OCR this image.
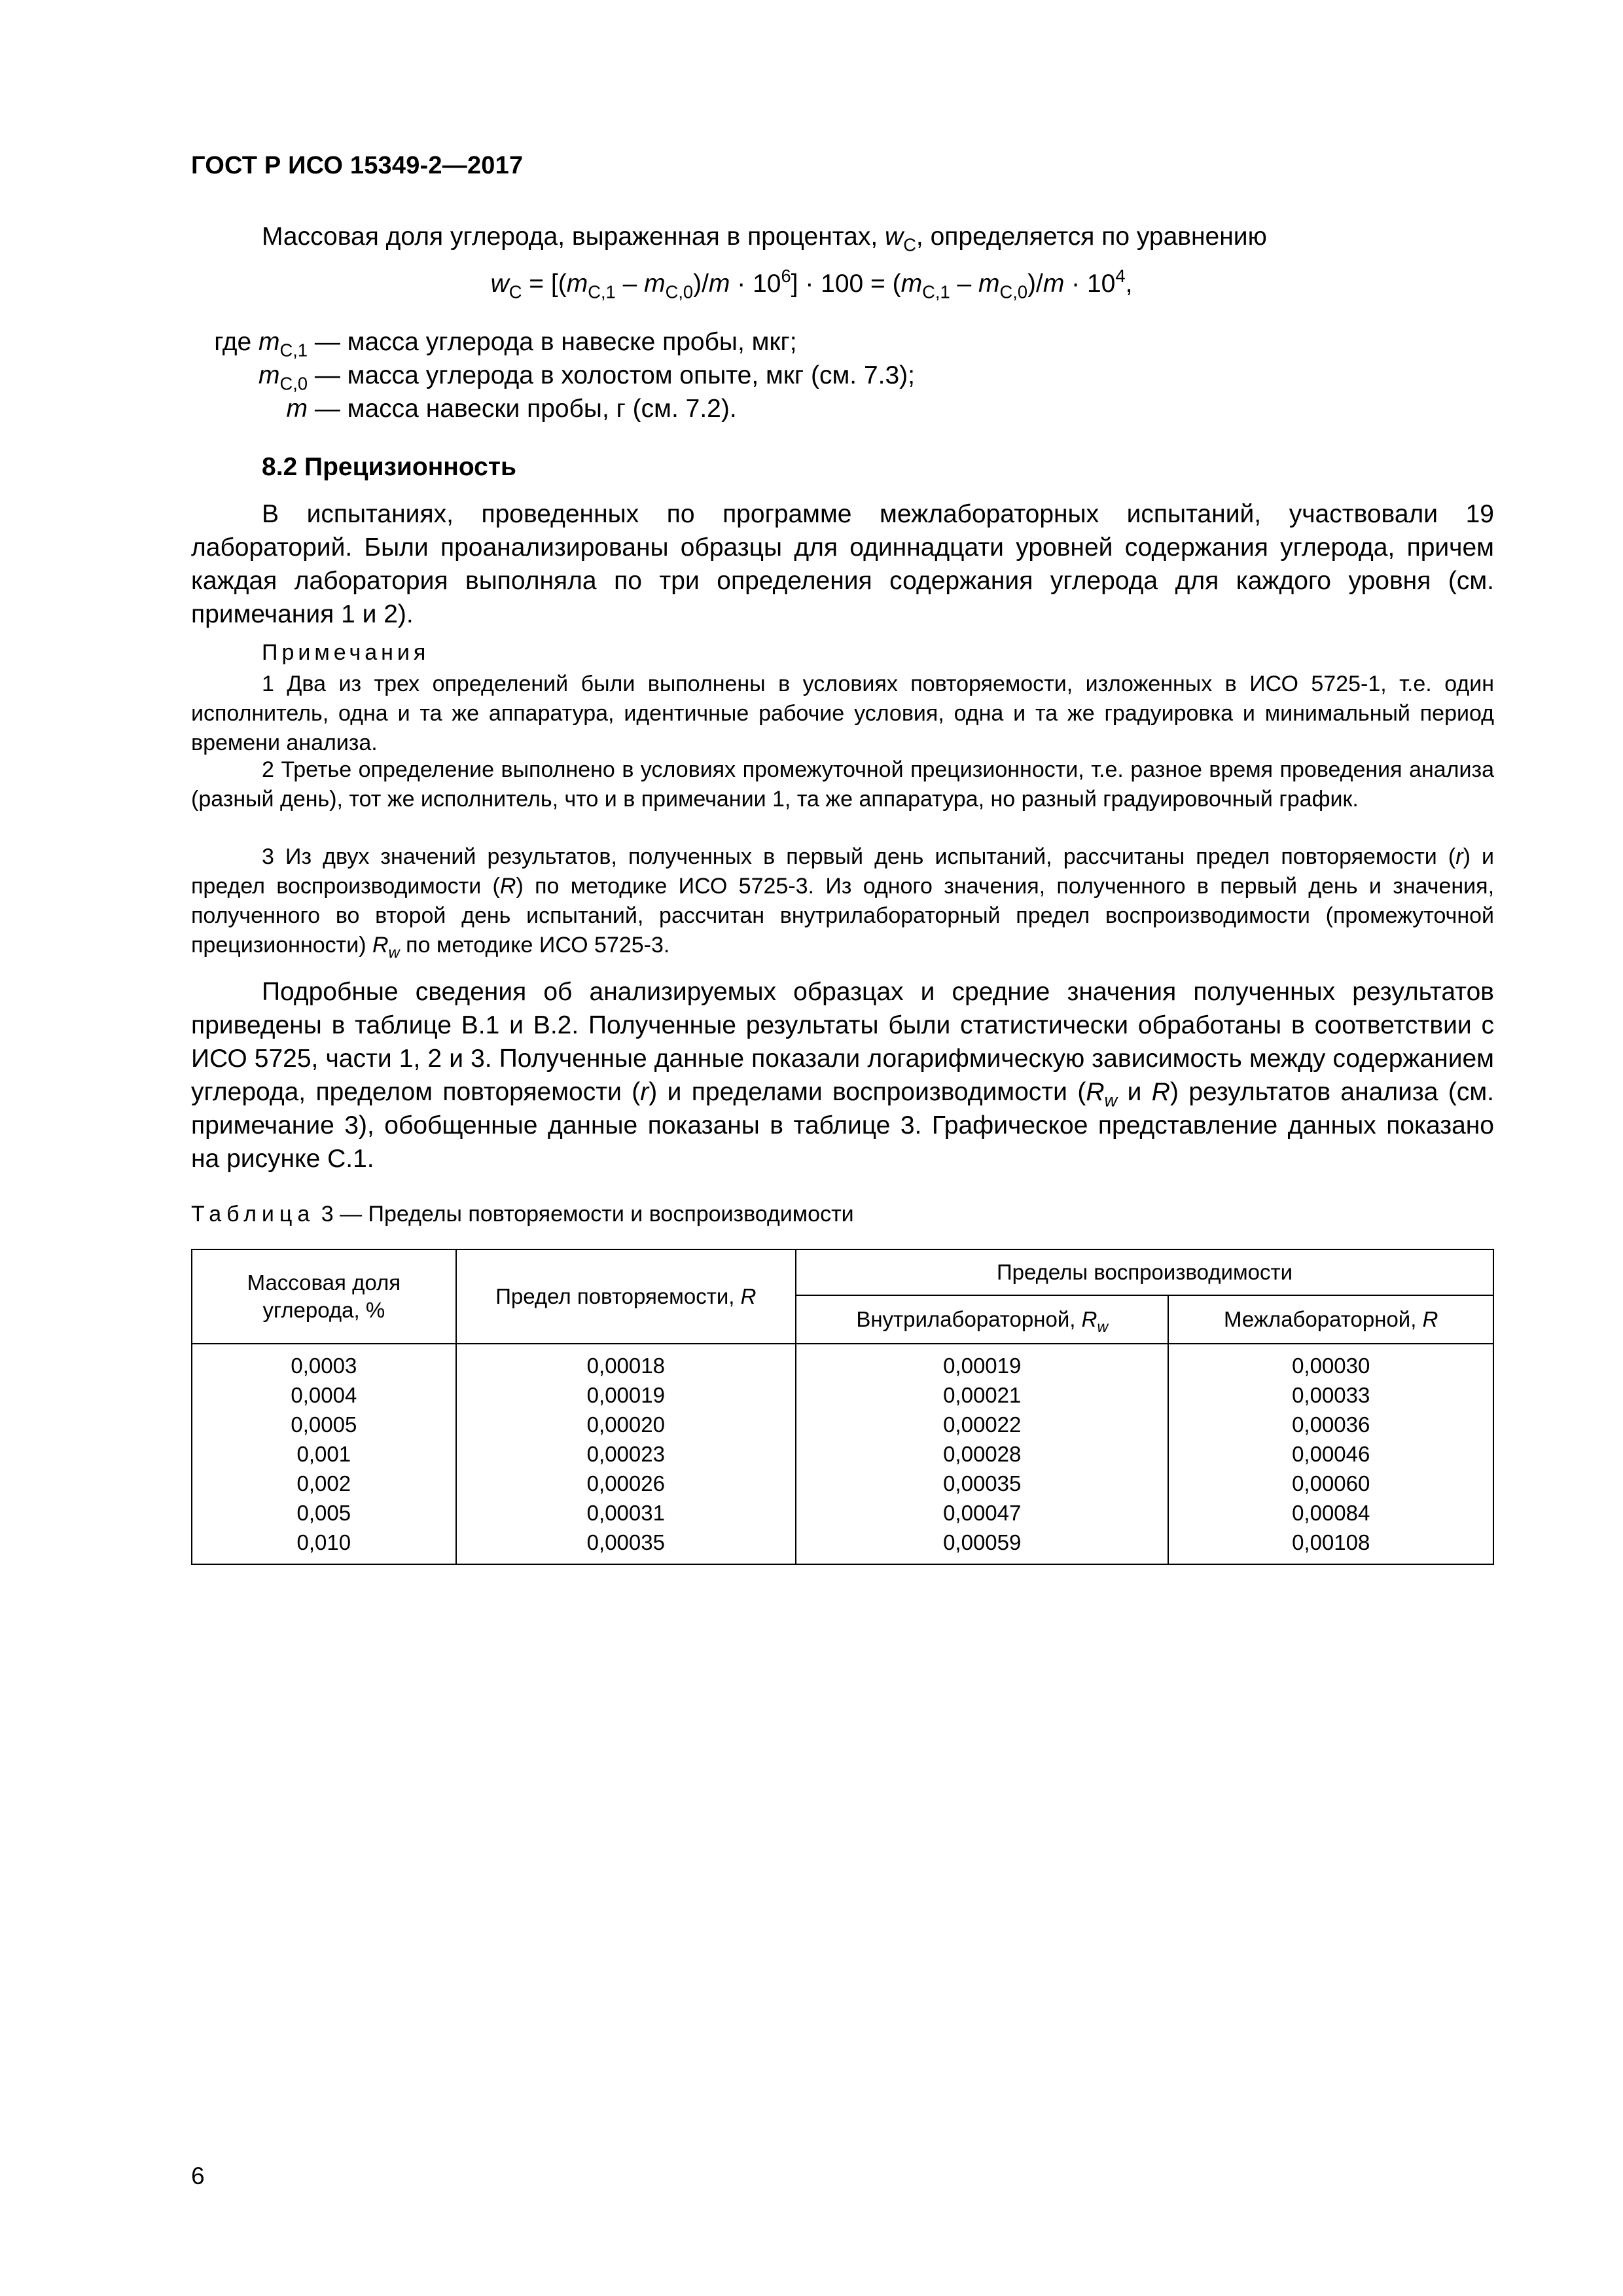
ГОСТ Р ИСО 15349-2—2017
Массовая доля углерода, выраженная в процентах, $w_C$, определяется по уравнению
$w_C = [(m_{C,1} - m_{C,0})/m \cdot 10^6] \cdot 100 = (m_{C,1} - m_{C,0})/m \cdot 10^4$,
где $m_{C,1}$ — масса углерода в навеске пробы, мкг;
$m_{C,0}$ — масса углерода в холостом опыте, мкг (см. 7.3);
m — масса навески пробы, г (см. 7.2).
8.2 Прецизионность
В испытаниях, проведенных по программе межлабораторных испытаний, участвовали 19 лабораторий. Были проанализированы образцы для одиннадцати уровней содержания углерода, причем каждая лаборатория выполняла по три определения содержания углерода для каждого уровня (см. примечания 1 и 2).
Примечания
1 Два из трех определений были выполнены в условиях повторяемости, изложенных в ИСО 5725-1, т.е. один исполнитель, одна и та же аппаратура, идентичные рабочие условия, одна и та же градуировка и минимальный период времени анализа.
2 Третье определение выполнено в условиях промежуточной прецизионности, т.е. разное время проведения анализа (разный день), тот же исполнитель, что и в примечании 1, та же аппаратура, но разный градуировочный график.
3 Из двух значений результатов, полученных в первый день испытаний, рассчитаны предел повторяемости (r) и предел воспроизводимости (R) по методике ИСО 5725-3. Из одного значения, полученного в первый день и значения, полученного во второй день испытаний, рассчитан внутрилабораторный предел воспроизводимости (промежуточной прецизионности) $R_w$ по методике ИСО 5725-3.
Подробные сведения об анализируемых образцах и средние значения полученных результатов приведены в таблице В.1 и В.2. Полученные результаты были статистически обработаны в соответствии с ИСО 5725, части 1, 2 и 3. Полученные данные показали логарифмическую зависимость между содержанием углерода, пределом повторяемости (r) и пределами воспроизводимости ($R_w$ и R) результатов анализа (см. примечание 3), обобщенные данные показаны в таблице 3. Графическое представление данных показано на рисунке С.1.
Таблица 3 — Пределы повторяемости и воспроизводимости
Массовая доля углерода, %	Предел повторяемости, R	Пределы воспроизводимости	
		Внутрилабораторной, $R_w$	Межлабораторной, R
0,0003	0,00018	0,00019	0,00030
0,0004	0,00019	0,00021	0,00033
0,0005	0,00020	0,00022	0,00036
0,001	0,00023	0,00028	0,00046
0,002	0,00026	0,00035	0,00060
0,005	0,00031	0,00047	0,00084
0,010	0,00035	0,00059	0,00108
6
